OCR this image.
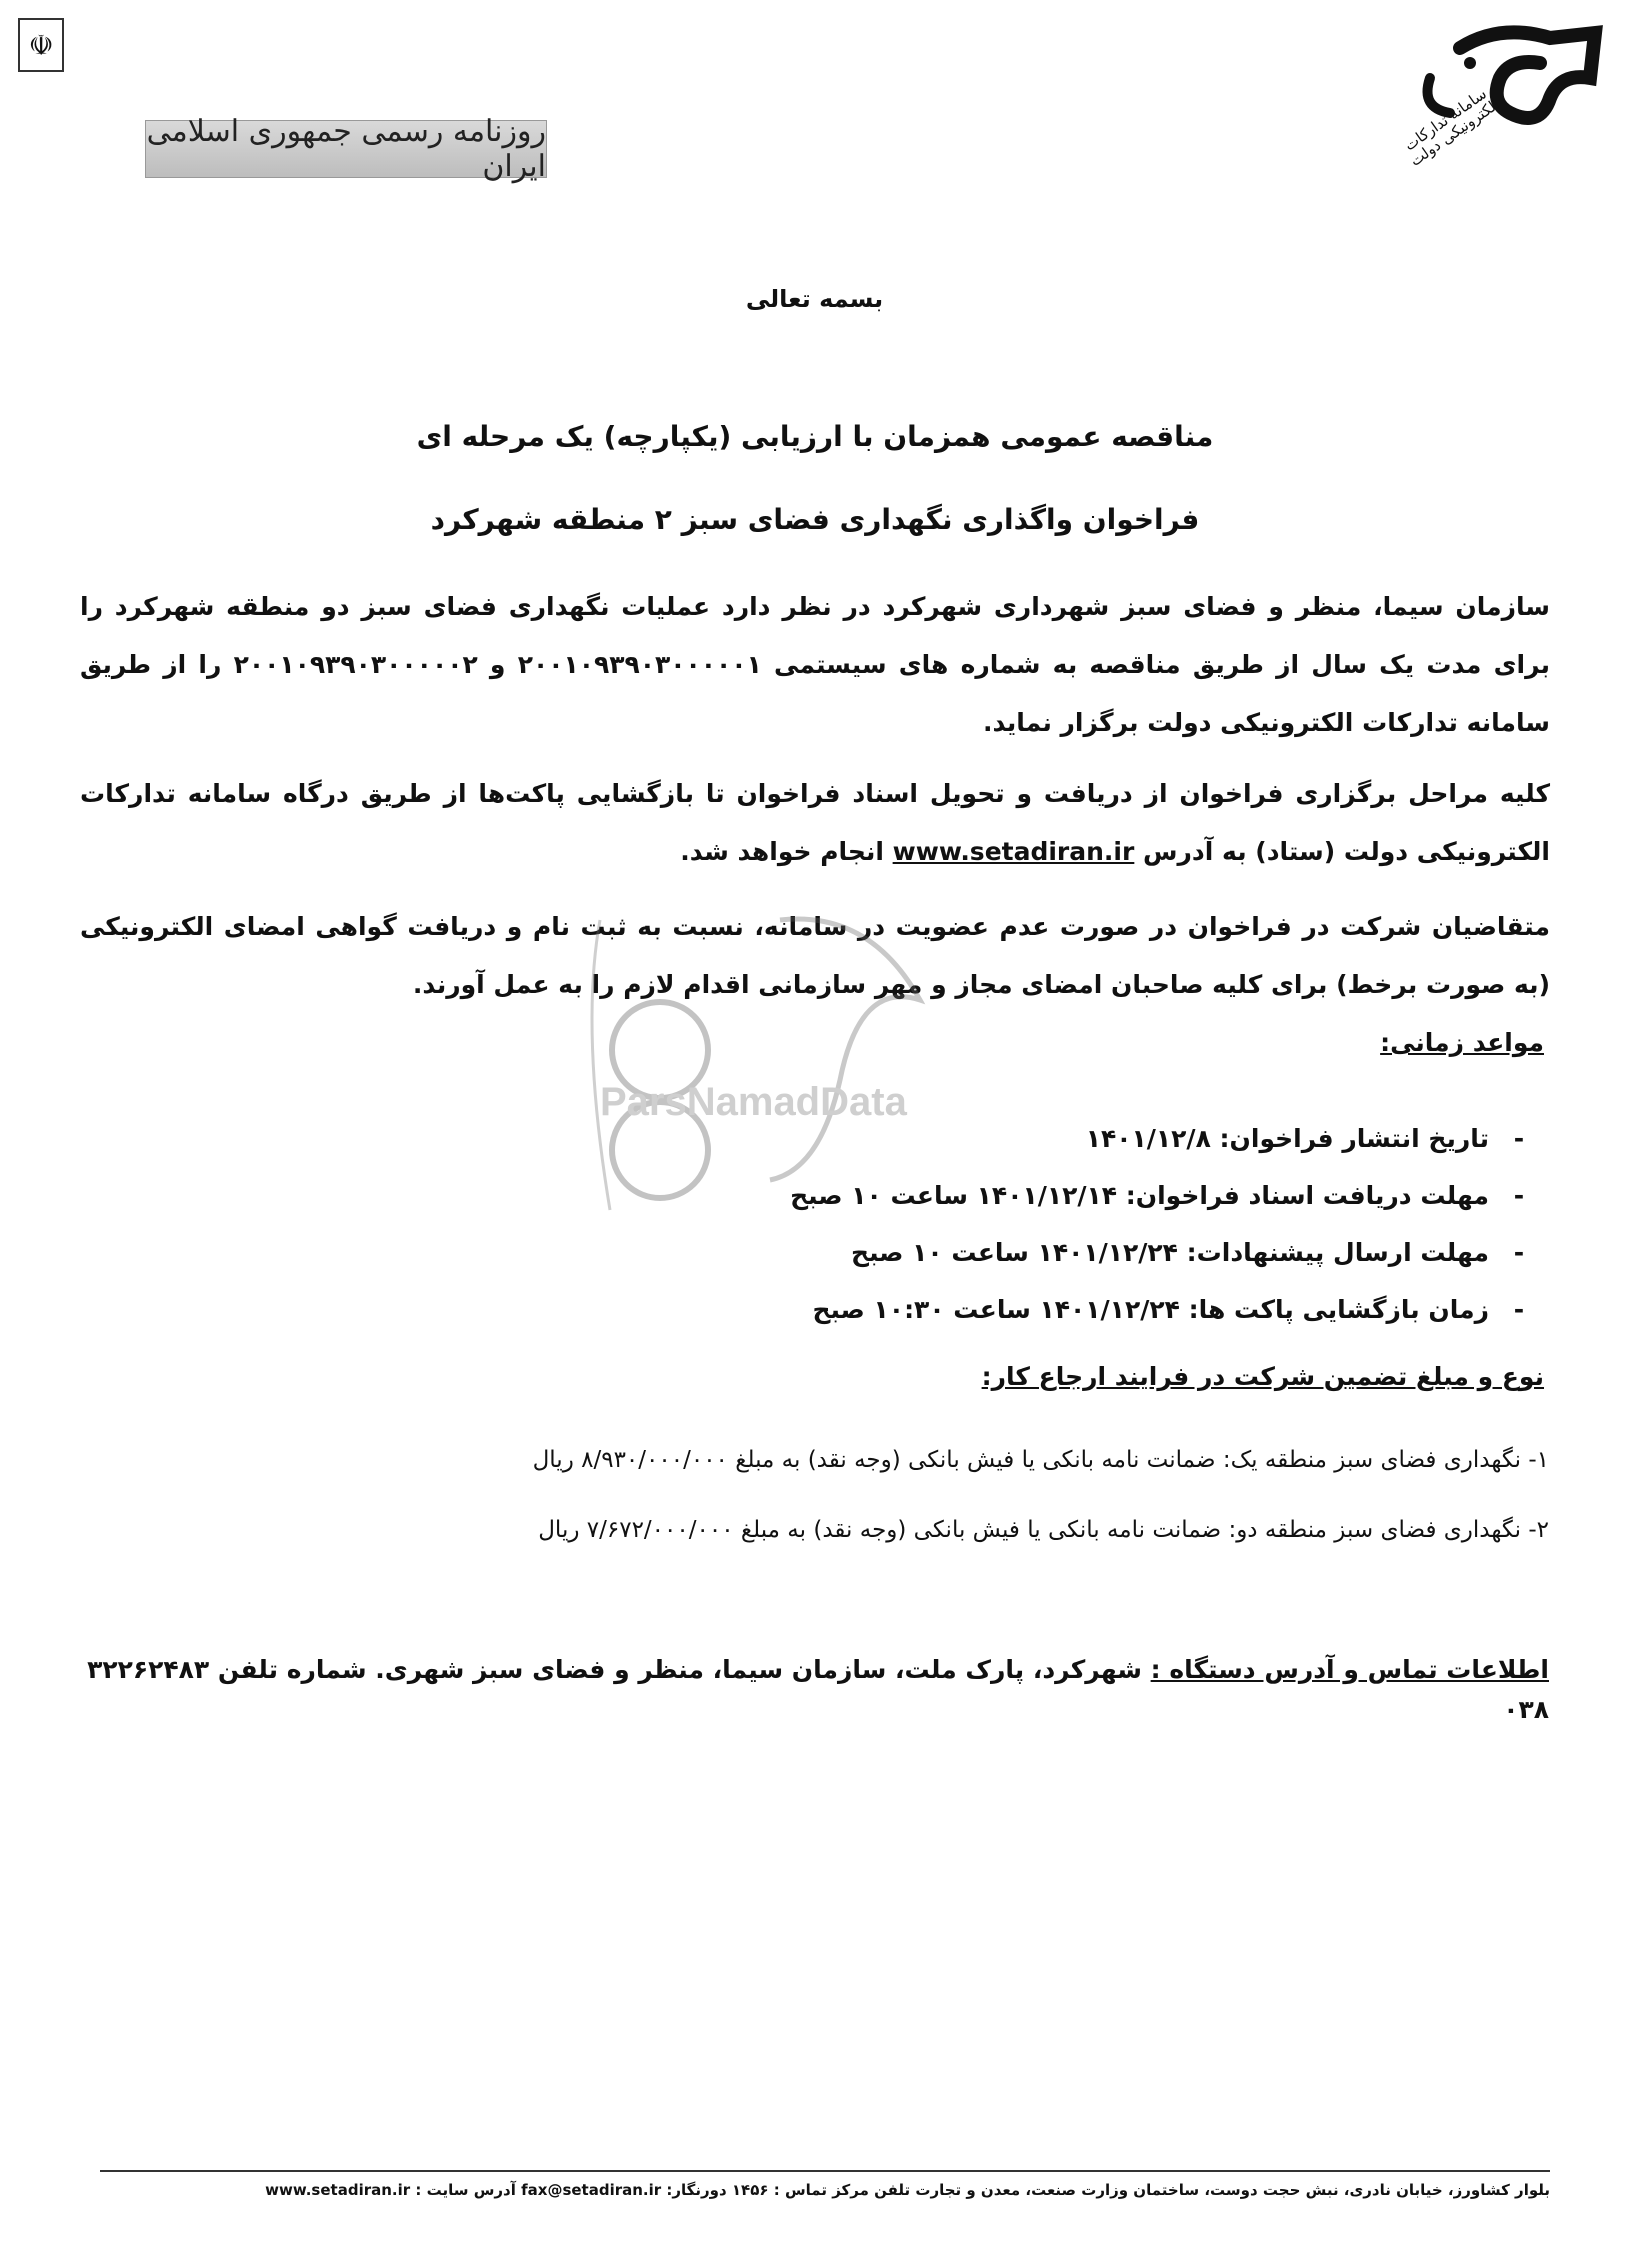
☫
روزنامه رسمی جمهوری اسلامی ایران
سامانه تدارکات الکترونیکی دولت
بسمه تعالی
مناقصه عمومی همزمان با ارزیابی (یکپارچه) یک مرحله ای
فراخوان واگذاری نگهداری فضای سبز ۲ منطقه شهرکرد
سازمان سیما، منظر و فضای سبز شهرداری شهرکرد در نظر دارد عملیات نگهداری فضای سبز دو منطقه شهرکرد را برای مدت یک سال از طریق مناقصه به شماره های سیستمی ۲۰۰۱۰۹۳۹۰۳۰۰۰۰۰۱ و ۲۰۰۱۰۹۳۹۰۳۰۰۰۰۰۲ را از طریق سامانه تدارکات الکترونیکی دولت برگزار نماید.
کلیه مراحل برگزاری فراخوان از دریافت و تحویل اسناد فراخوان تا بازگشایی پاکت‌ها از طریق درگاه سامانه تدارکات الکترونیکی دولت (ستاد) به آدرس www.setadiran.ir انجام خواهد شد.
متقاضیان شرکت در فراخوان در صورت عدم عضویت در سامانه، نسبت به ثبت نام و دریافت گواهی امضای الکترونیکی (به صورت برخط) برای کلیه صاحبان امضای مجاز و مهر سازمانی اقدام لازم را به عمل آورند.
ParsNamadData
مواعد زمانی:
-
تاریخ انتشار فراخوان:

۱۴۰۱/۱۲/۸
-
مهلت دریافت اسناد فراخوان:

۱۴۰۱/۱۲/۱۴ ساعت ۱۰ صبح
-
مهلت ارسال پیشنهادات:

۱۴۰۱/۱۲/۲۴ ساعت ۱۰ صبح
-
زمان بازگشایی پاکت ها:

۱۴۰۱/۱۲/۲۴ ساعت ۱۰:۳۰ صبح
نوع و مبلغ تضمین شرکت در فرایند ارجاع کار:
۱- نگهداری فضای سبز منطقه یک: ضمانت نامه بانکی یا فیش بانکی (وجه نقد) به مبلغ ۸/۹۳۰/۰۰۰/۰۰۰ ریال
۲- نگهداری فضای سبز منطقه دو: ضمانت نامه بانکی یا فیش بانکی (وجه نقد) به مبلغ ۷/۶۷۲/۰۰۰/۰۰۰ ریال
اطلاعات تماس و آدرس دستگاه : شهرکرد، پارک ملت، سازمان سیما، منظر و فضای سبز شهری. شماره تلفن ۳۲۲۶۲۴۸۳ ۰۳۸
بلوار کشاورز، خیابان نادری، نبش حجت دوست، ساختمان وزارت صنعت، معدن و تجارت تلفن مرکز تماس : ۱۴۵۶ دورنگار: fax@setadiran.ir آدرس سایت : www.setadiran.ir
